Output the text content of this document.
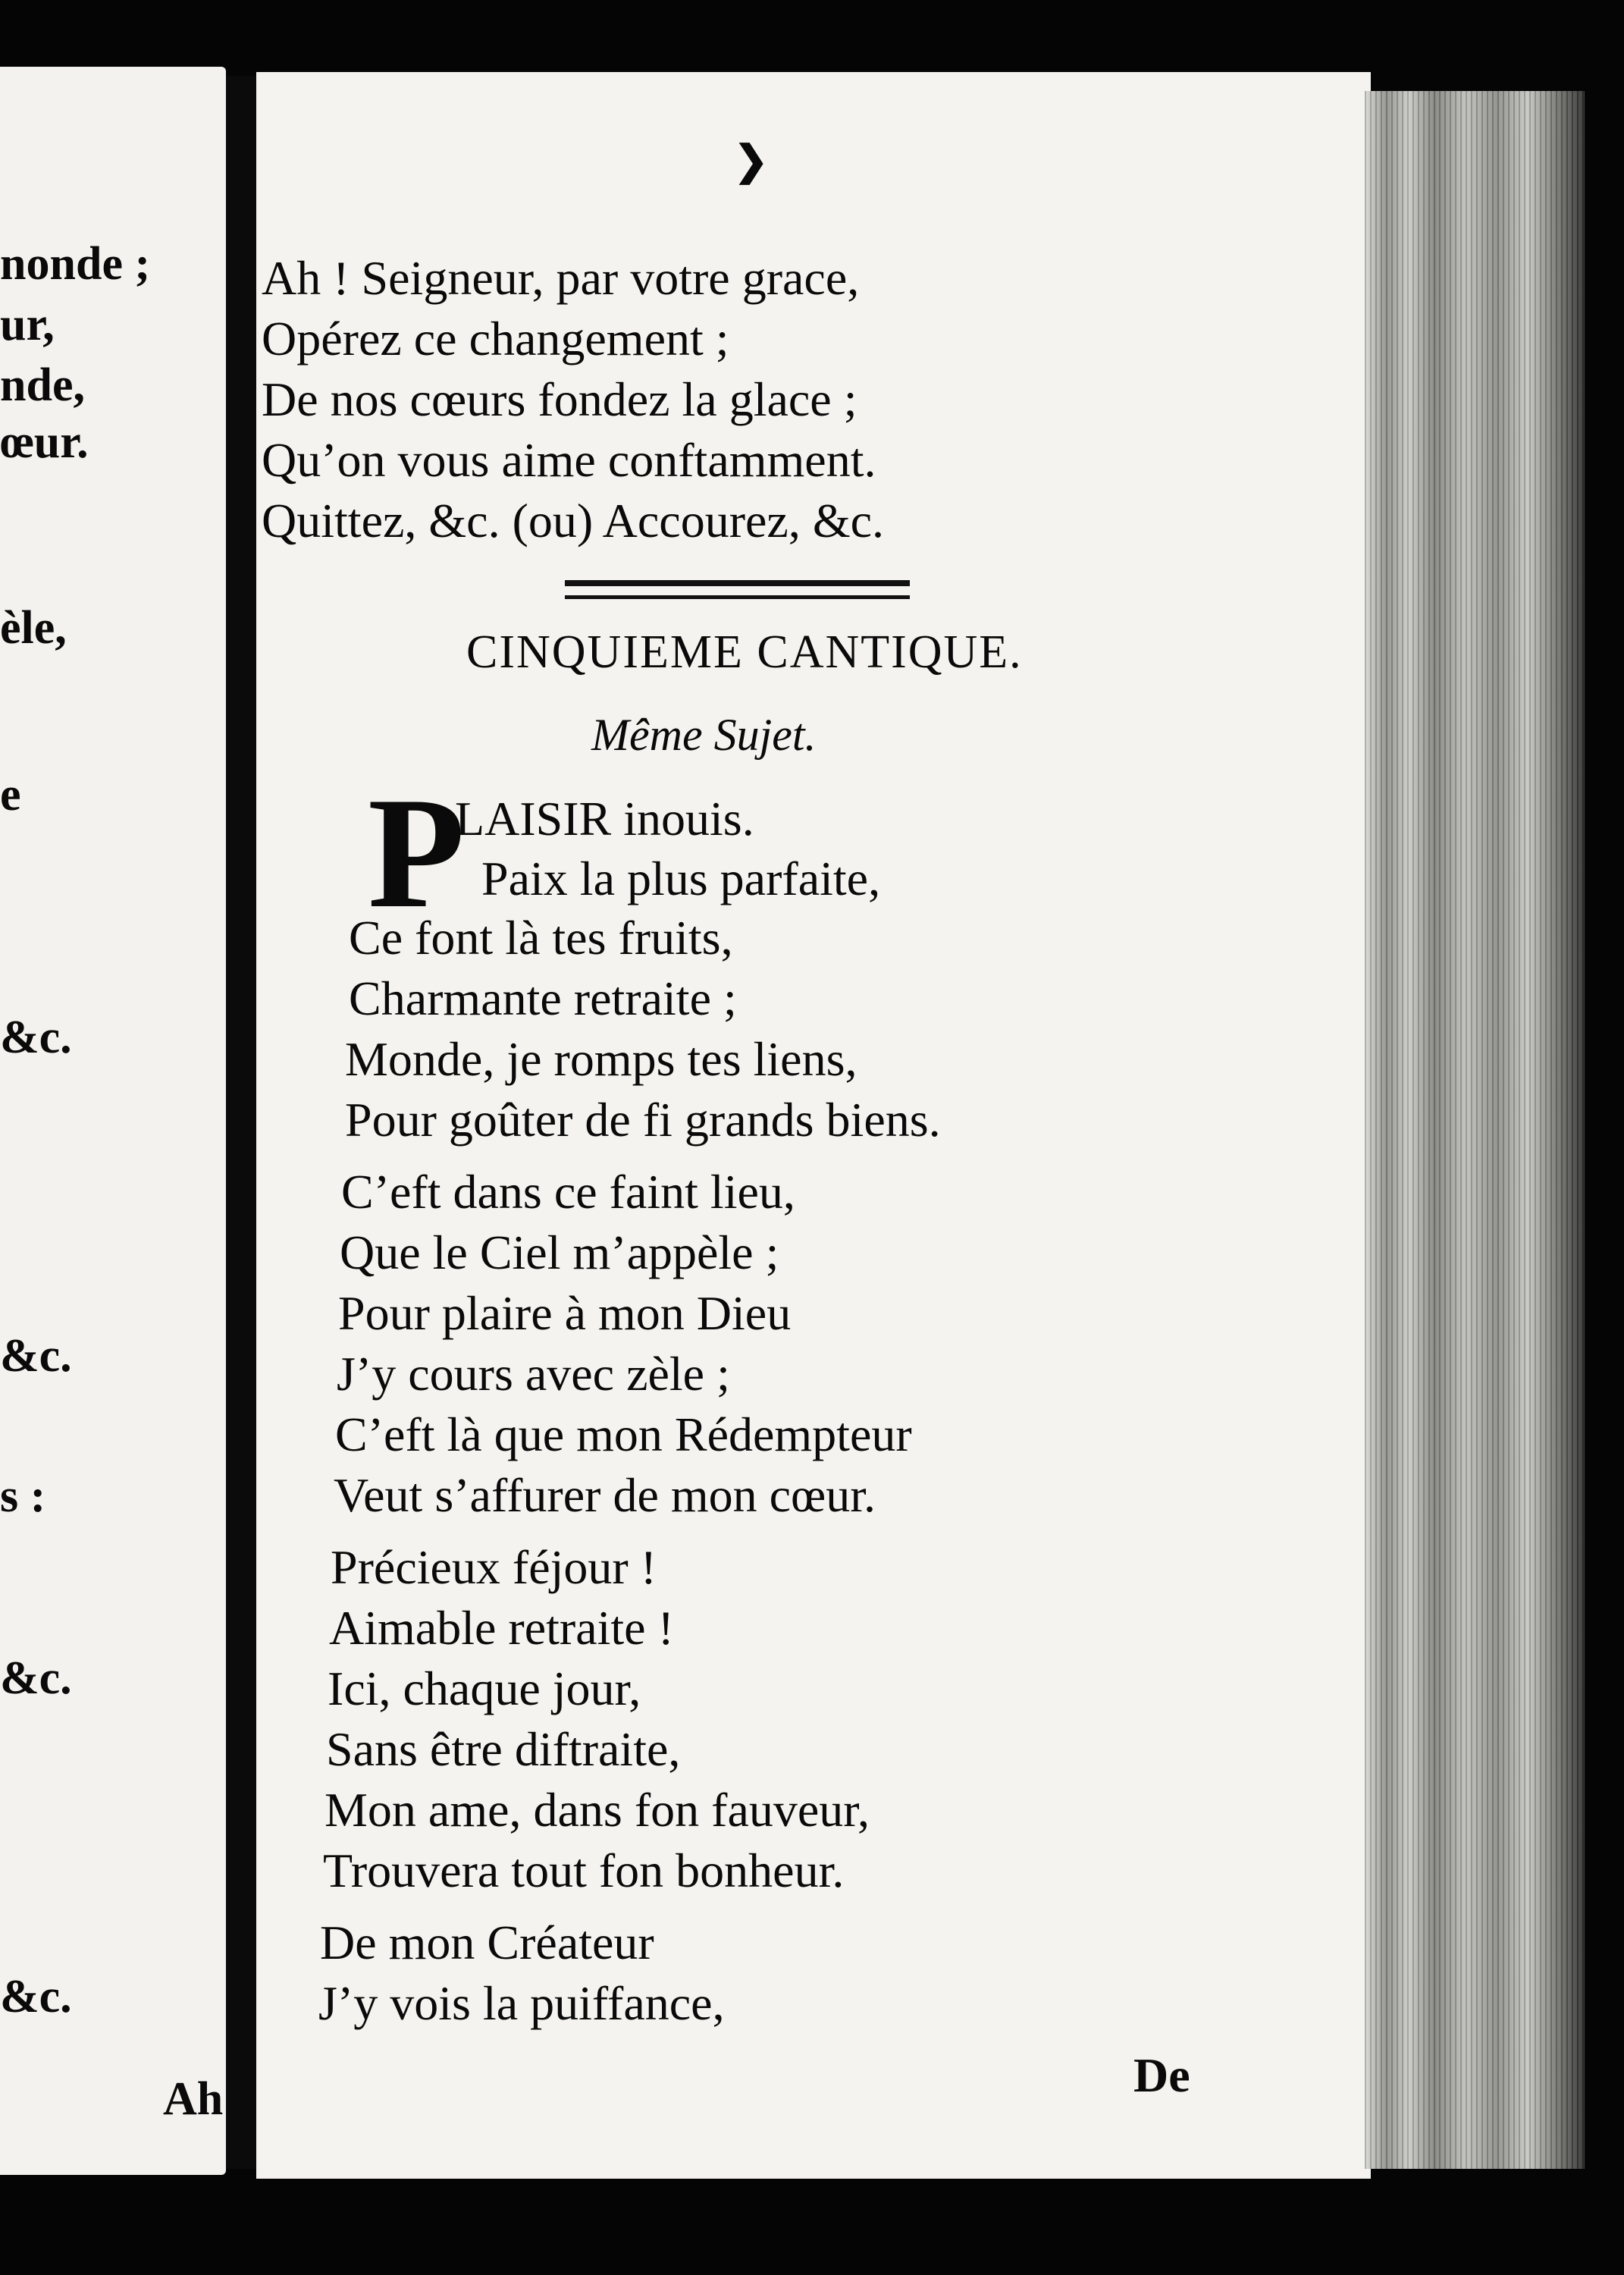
nonde ;
ur,
nde,
œur.
èle,
e
&c.
&c.
s :
&c.
&c.
Ah
❯
Ah ! Seigneur, par votre grace,
Opérez ce changement ;
De nos cœurs fondez la glace ;
Qu’on vous aime conftamment.
Quittez, &c. (ou) Accourez, &c.
CINQUIEME CANTIQUE.
Même Sujet.
P
LAISIR inouis.
Paix la plus parfaite,
Ce font là tes fruits,
Charmante retraite ;
Monde, je romps tes liens,
Pour goûter de fi grands biens.
C’eft dans ce faint lieu,
Que le Ciel m’appèle ;
Pour plaire à mon Dieu
J’y cours avec zèle ;
C’eft là que mon Rédempteur
Veut s’affurer de mon cœur.
Précieux féjour !
Aimable retraite !
Ici, chaque jour,
Sans être diftraite,
Mon ame, dans fon fauveur,
Trouvera tout fon bonheur.
De mon Créateur
J’y vois la puiffance,
De
